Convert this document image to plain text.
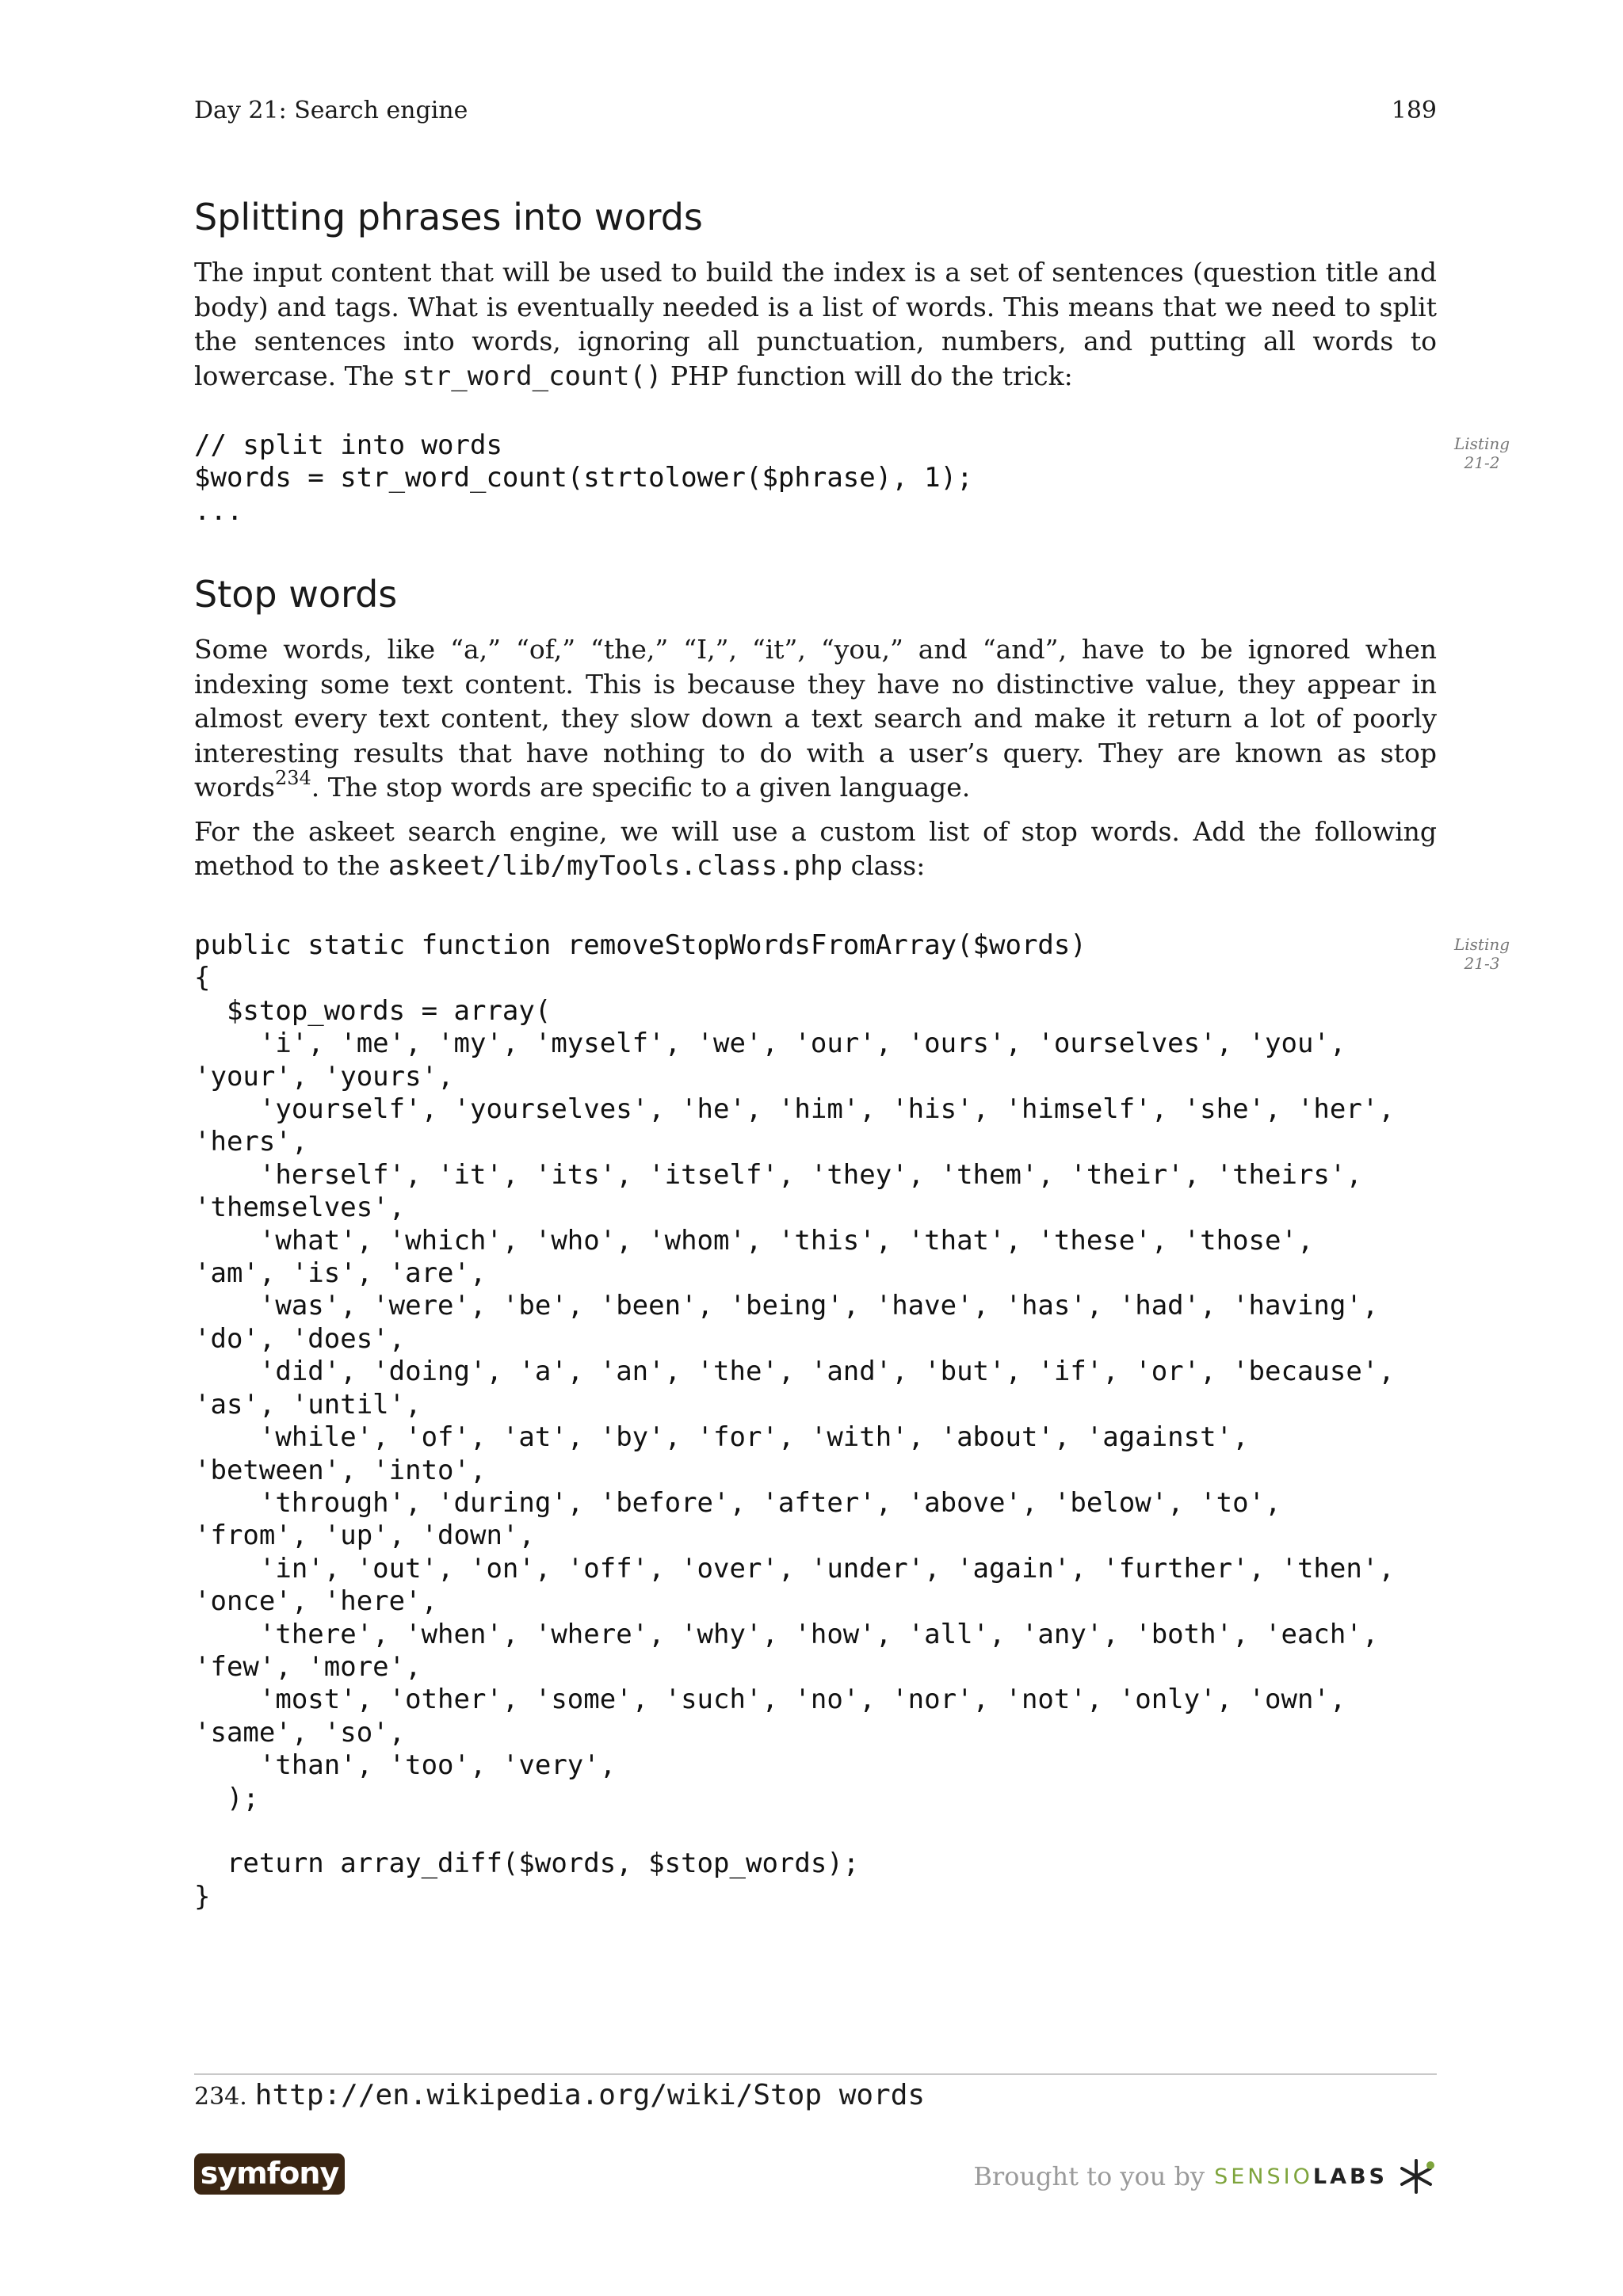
Day 21: Search engine	189
Splitting phrases into words

The input content that will be used to build the index is a set of sentences (question title and body) and tags. What is eventually needed is a list of words. This means that we need to split the sentences into words, ignoring all punctuation, numbers, and putting all words to lowercase. The str_word_count() PHP function will do the trick:

// split into words
$words = str_word_count(strtolower($phrase), 1);
...
Listing
21-2
Stop words

Some words, like “a,” “of,” “the,” “I,”, “it”, “you,” and “and”, have to be ignored when indexing some text content. This is because they have no distinctive value, they appear in almost every text content, they slow down a text search and make it return a lot of poorly interesting results that have nothing to do with a user’s query. They are known as stop words$^{234}$. The stop words are specific to a given language.

For the askeet search engine, we will use a custom list of stop words. Add the following method to the askeet/lib/myTools.class.php class:

public static function removeStopWordsFromArray($words)
{
$stop_words = array(
'i', 'me', 'my', 'myself', 'we', 'our', 'ours', 'ourselves', 'you',
'your', 'yours',
'yourself', 'yourselves', 'he', 'him', 'his', 'himself', 'she', 'her',
'hers',
'herself', 'it', 'its', 'itself', 'they', 'them', 'their', 'theirs',
'themselves',
'what', 'which', 'who', 'whom', 'this', 'that', 'these', 'those',
'am', 'is', 'are',
'was', 'were', 'be', 'been', 'being', 'have', 'has', 'had', 'having',
'do', 'does',
'did', 'doing', 'a', 'an', 'the', 'and', 'but', 'if', 'or', 'because',
'as', 'until',
'while', 'of', 'at', 'by', 'for', 'with', 'about', 'against',
'between', 'into',
'through', 'during', 'before', 'after', 'above', 'below', 'to',
'from', 'up', 'down',
'in', 'out', 'on', 'off', 'over', 'under', 'again', 'further', 'then',
'once', 'here',
'there', 'when', 'where', 'why', 'how', 'all', 'any', 'both', 'each',
'few', 'more',
'most', 'other', 'some', 'such', 'no', 'nor', 'not', 'only', 'own',
'same', 'so',
'than', 'too', 'very',
);

return array_diff($words, $stop_words);
}
Listing
21-3
234. http://en.wikipedia.org/wiki/Stop words
symfony	Brought to you by SENSIO LABS
